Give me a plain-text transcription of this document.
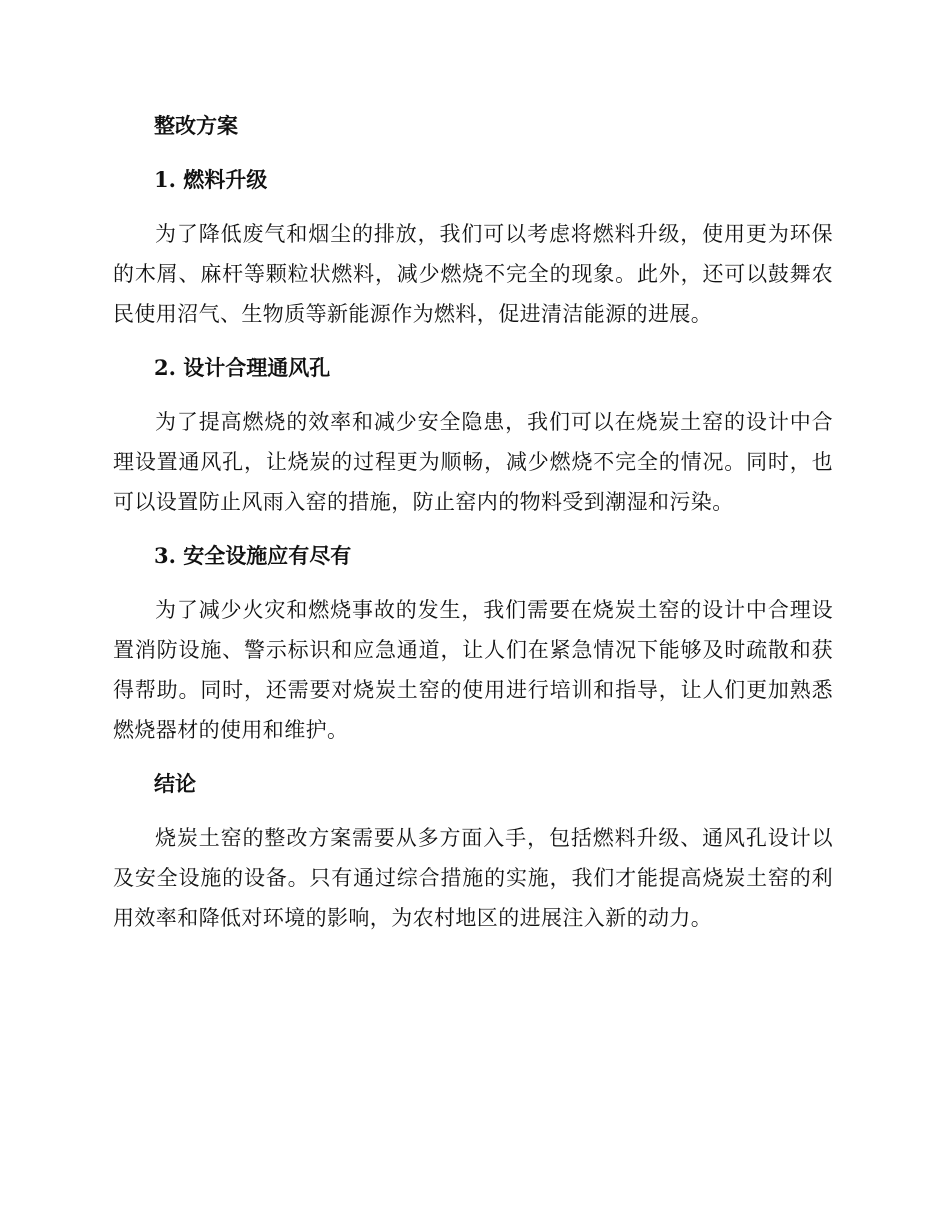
整改方案
1. 燃料升级

为了降低废气和烟尘的排放，我们可以考虑将燃料升级，使用更为环保的木屑、麻杆等颗粒状燃料，减少燃烧不完全的现象。此外，还可以鼓舞农民使用沼气、生物质等新能源作为燃料，促进清洁能源的进展。

2. 设计合理通风孔

为了提高燃烧的效率和减少安全隐患，我们可以在烧炭土窑的设计中合理设置通风孔，让烧炭的过程更为顺畅，减少燃烧不完全的情况。同时，也可以设置防止风雨入窑的措施，防止窑内的物料受到潮湿和污染。

3. 安全设施应有尽有

为了减少火灾和燃烧事故的发生，我们需要在烧炭土窑的设计中合理设置消防设施、警示标识和应急通道，让人们在紧急情况下能够及时疏散和获得帮助。同时，还需要对烧炭土窑的使用进行培训和指导，让人们更加熟悉燃烧器材的使用和维护。

结论

烧炭土窑的整改方案需要从多方面入手，包括燃料升级、通风孔设计以及安全设施的设备。只有通过综合措施的实施，我们才能提高烧炭土窑的利用效率和降低对环境的影响，为农村地区的进展注入新的动力。
